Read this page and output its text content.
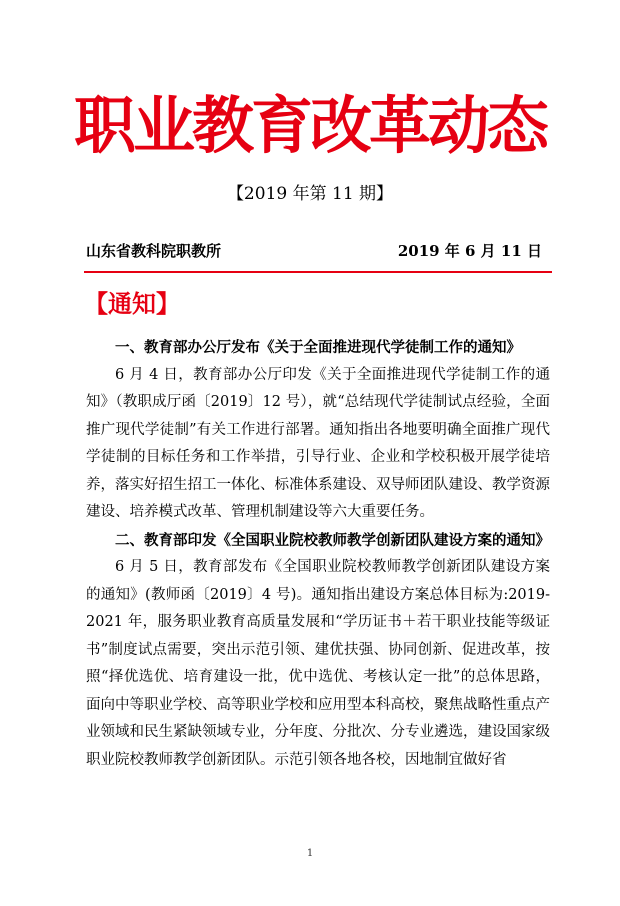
职业教育改革动态
【2019 年第 11 期】
山东省教科院职教所	2019 年 6 月 11 日
【通知】

一、教育部办公厅发布《关于全面推进现代学徒制工作的通知》

6 月 4 日，教育部办公厅印发《关于全面推进现代学徒制工作的通知》（教职成厅函〔2019〕12 号），就“总结现代学徒制试点经验，全面推广现代学徒制”有关工作进行部署。通知指出各地要明确全面推广现代学徒制的目标任务和工作举措，引导行业、企业和学校积极开展学徒培养，落实好招生招工一体化、标准体系建设、双导师团队建设、教学资源建设、培养模式改革、管理机制建设等六大重要任务。

二、教育部印发《全国职业院校教师教学创新团队建设方案的通知》

6 月 5 日，教育部发布《全国职业院校教师教学创新团队建设方案的通知》(教师函〔2019〕4 号)。通知指出建设方案总体目标为:2019-2021 年，服务职业教育高质量发展和“学历证书＋若干职业技能等级证书”制度试点需要，突出示范引领、建优扶强、协同创新、促进改革，按照“择优选优、培育建设一批，优中选优、考核认定一批”的总体思路，面向中等职业学校、高等职业学校和应用型本科高校，聚焦战略性重点产业领域和民生紧缺领域专业，分年度、分批次、分专业遴选，建设国家级职业院校教师教学创新团队。示范引领各地各校，因地制宜做好省

1
